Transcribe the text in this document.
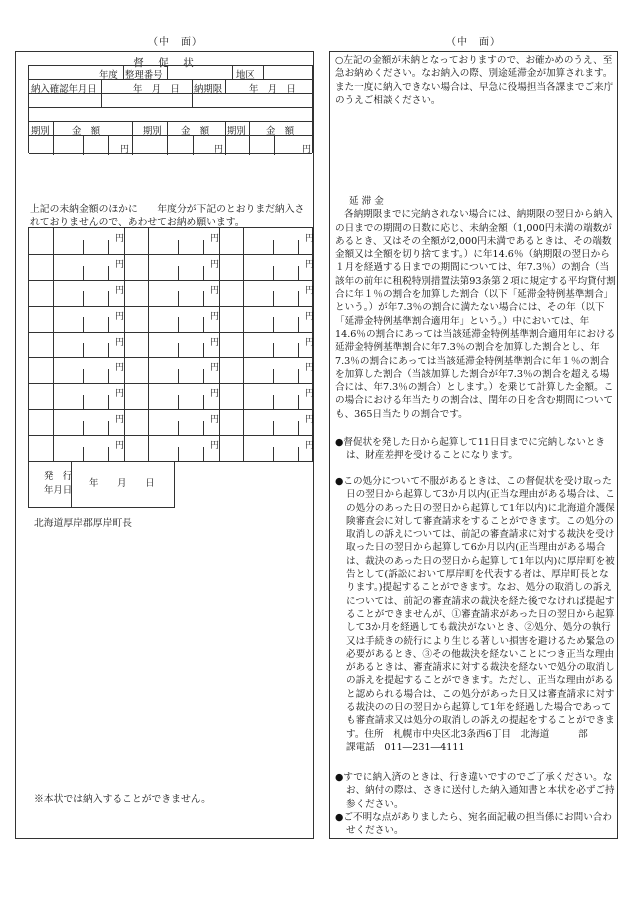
（中　面）	（中　面）
督　促　状
年度 整理番号	地区
納入確認年月日	年　月　日 納期限	年　月　日
期別 金　額	期別 金　額 期別 金　額
円	円	円
上記の未納金額のほかに　　年度分が下記のとおりまだ納入されておりませんので、あわせてお納め願います。
円	円	円
円	円	円
円	円	円
円	円	円
円	円	円
円	円	円
円	円	円
円	円	円
円	円	円
発　行
年月日
年　　月　　日
北海道厚岸郡厚岸町長
※本状では納入することができません。

○左記の金額が未納となっておりますので、お確かめのうえ、至急お納めください。なお納入の際、別途延滞金が加算されます。また一度に納入できない場合は、早急に役場担当各課までご来庁のうえご相談ください。

延 滞 金

各納期限までに完納されない場合には、納期限の翌日から納入の日までの期間の日数に応じ、未納金額（1,000円未満の端数があるとき、又はその全額が2,000円未満であるときは、その端数金額又は全額を切り捨てます。）に年14.6％（納期限の翌日から１月を経過する日までの期間については、年7.3％）の割合（当該年の前年に租税特別措置法第93条第２項に規定する平均貸付割合に年１％の割合を加算した割合（以下「延滞金特例基準割合」という。）が年7.3％の割合に満たない場合には、その年（以下「延滞金特例基準割合適用年」という。）中においては、年14.6％の割合にあっては当該延滞金特例基準割合適用年における延滞金特例基準割合に年7.3％の割合を加算した割合とし、年7.3％の割合にあっては当該延滞金特例基準割合に年１％の割合を加算した割合（当該加算した割合が年7.3％の割合を超える場合には、年7.3％の割合）とします。）を乗じて計算した金額。この場合における年当たりの割合は、閏年の日を含む期間についても、365日当たりの割合です。

●督促状を発した日から起算して11日目までに完納しないときは、財産差押を受けることになります。

●この処分について不服があるときは、この督促状を受け取った日の翌日から起算して3か月以内(正当な理由がある場合は、この処分のあった日の翌日から起算して1年以内)に北海道介護保険審査会に対して審査請求をすることができます。この処分の取消しの訴えについては、前記の審査請求に対する裁決を受け取った日の翌日から起算して6か月以内(正当理由がある場合は、裁決のあった日の翌日から起算して1年以内)に厚岸町を被告として(訴訟において厚岸町を代表する者は、厚岸町長となります。)提起することができます。なお、処分の取消しの訴えについては、前記の審査請求の裁決を経た後でなければ提起することができませんが、①審査請求があった日の翌日から起算して3か月を経過しても裁決がないとき、②処分、処分の執行又は手続きの続行により生じる著しい損害を避けるため緊急の必要があるとき、③その他裁決を経ないことにつき正当な理由があるときは、審査請求に対する裁決を経ないで処分の取消しの訴えを提起することができます。ただし、正当な理由があると認められる場合は、この処分があった日又は審査請求に対する裁決のの日の翌日から起算して1年を経過した場合であっても審査請求又は処分の取消しの訴えの提起をすることができます。住所　札幌市中央区北3条西6丁目　北海道　　　部　　課電話　011―231―4111

●すでに納入済のときは、行き違いですのでご了承ください。なお、納付の際は、さきに送付した納入通知書と本状を必ずご持参ください。

●ご不明な点がありましたら、宛名面記載の担当係にお問い合わせください。
